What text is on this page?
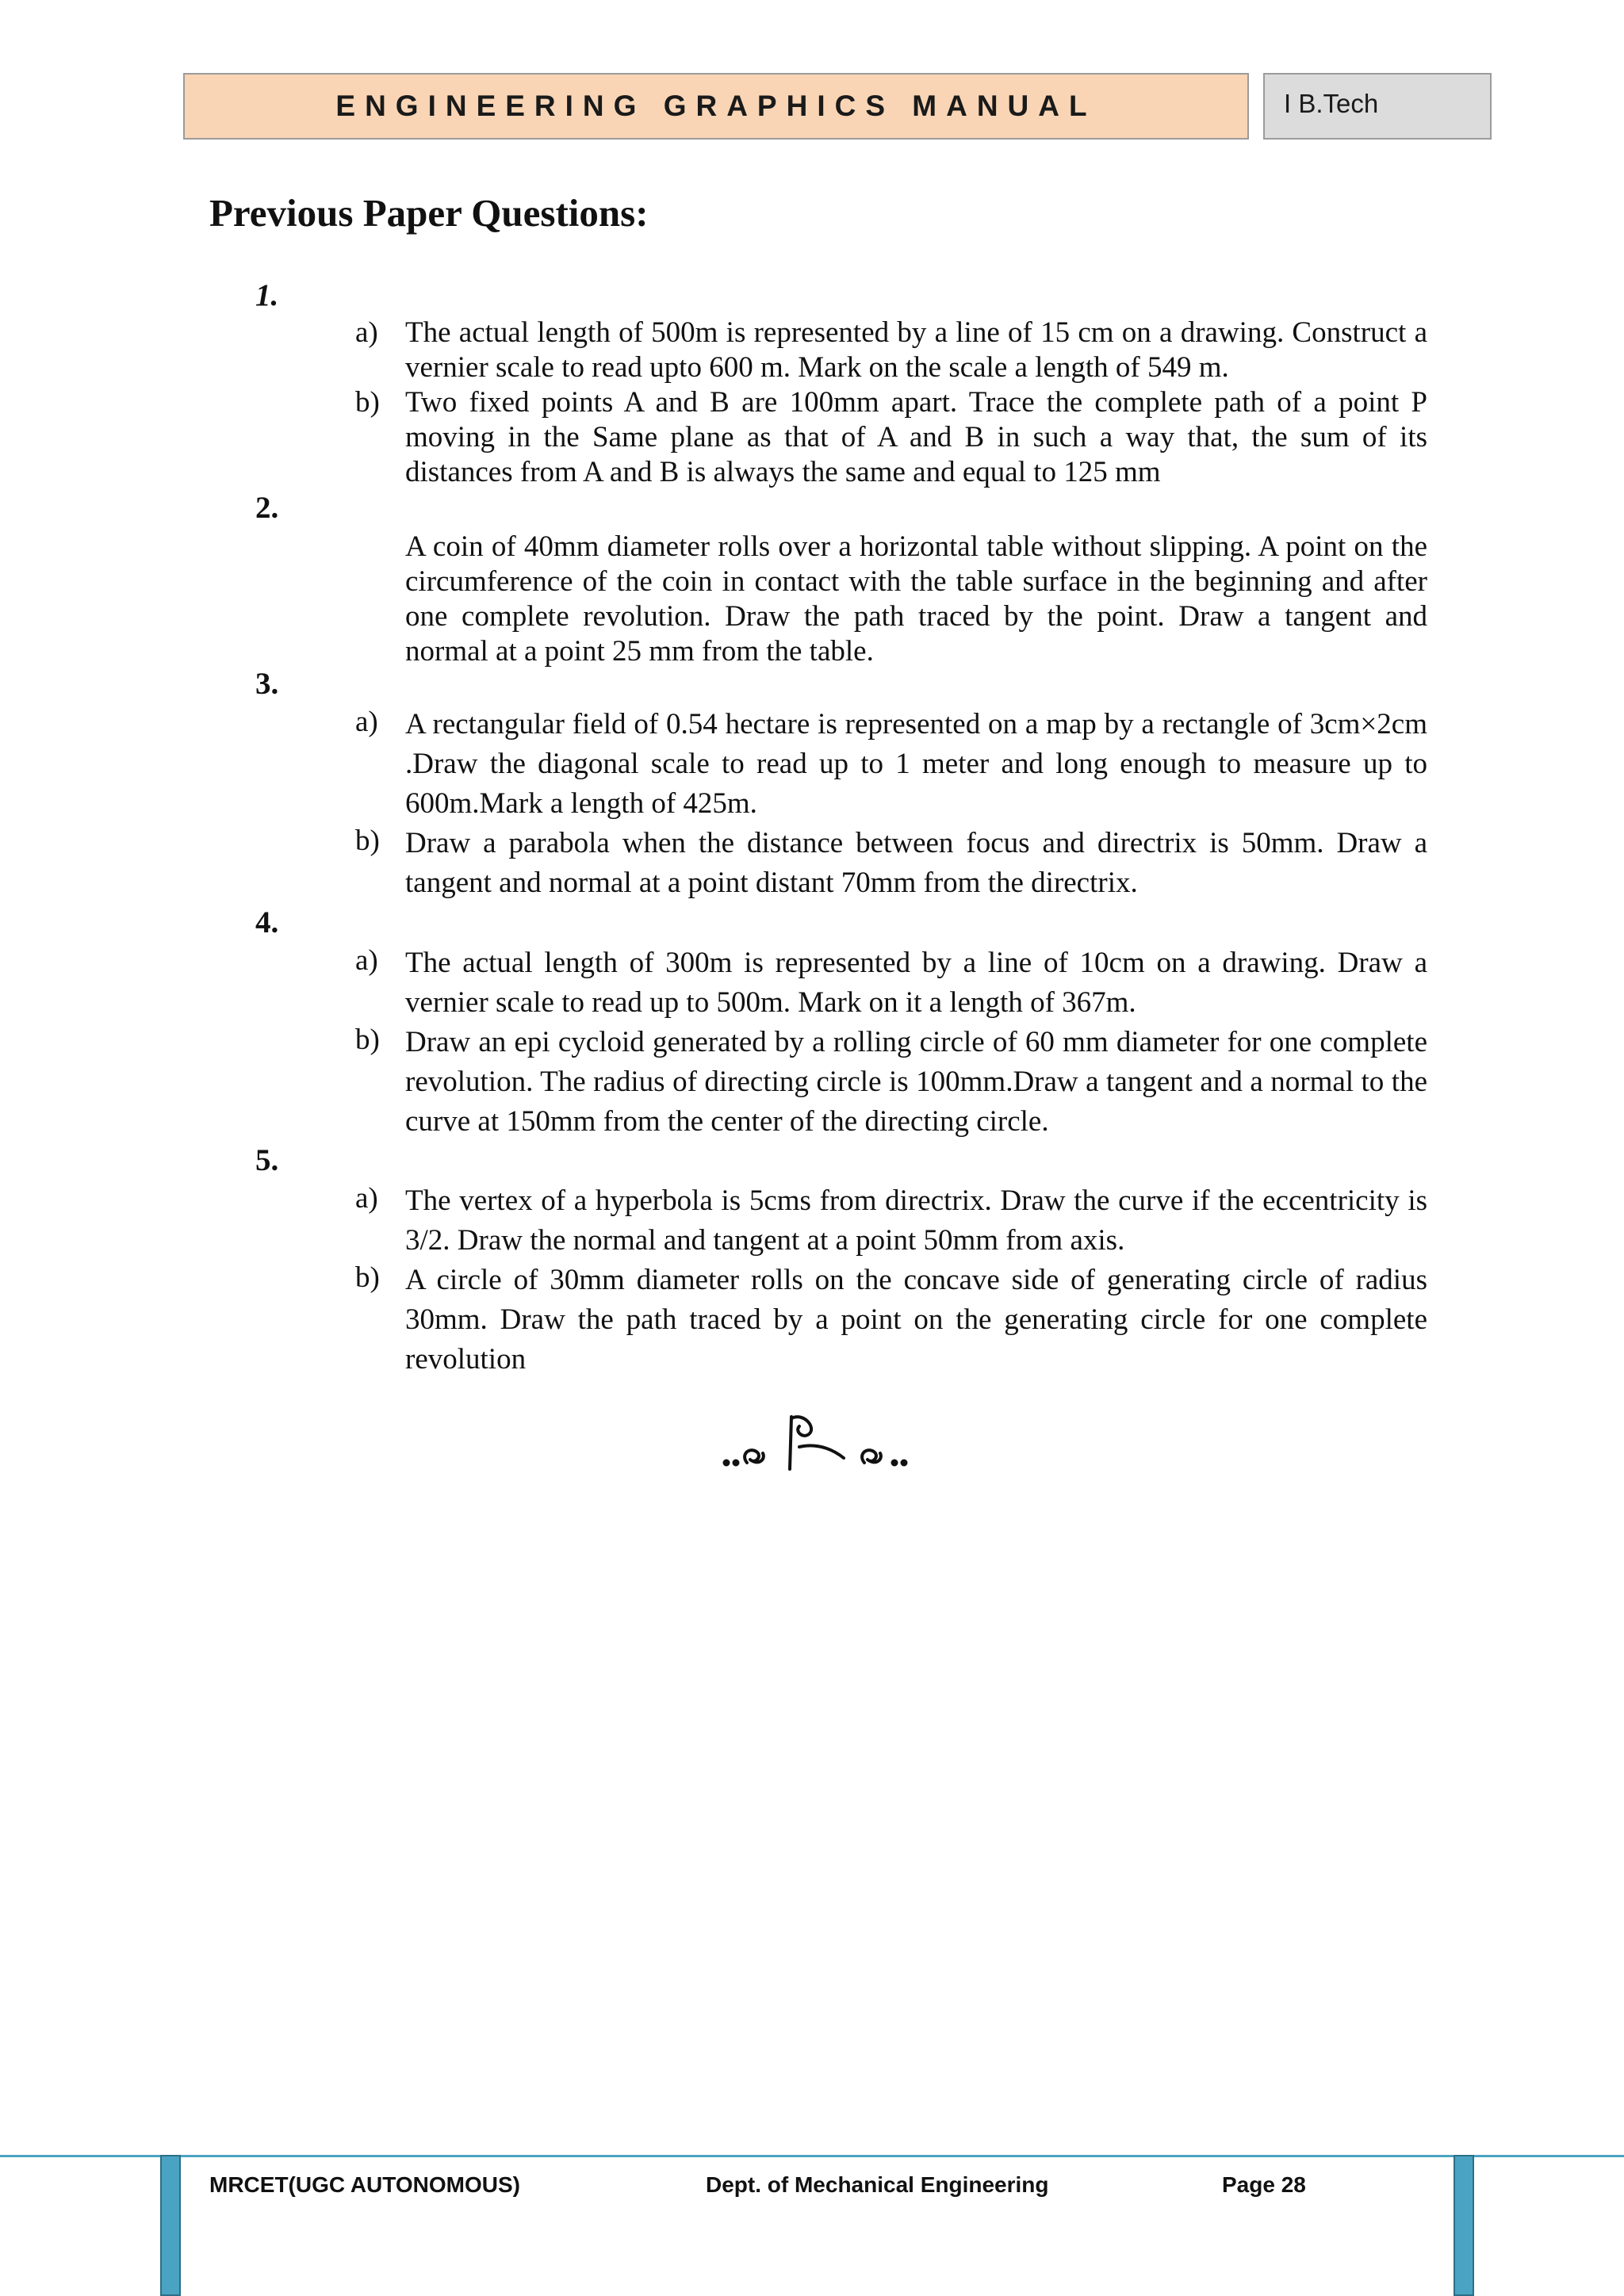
ENGINEERING GRAPHICS MANUAL	I B.Tech
Previous Paper Questions:
1.
a) The actual length of 500m is represented by a line of 15 cm on a drawing. Construct a vernier scale to read upto 600 m. Mark on the scale a length of 549 m.
b) Two fixed points A and B are 100mm apart. Trace the complete path of a point P moving in the Same plane as that of A and B in such a way that, the sum of its distances from A and B is always the same and equal to 125 mm
2.
A coin of 40mm diameter rolls over a horizontal table without slipping. A point on the circumference of the coin in contact with the table surface in the beginning and after one complete revolution. Draw the path traced by the point. Draw a tangent and normal at a point 25 mm from the table.
3.
a) A rectangular field of 0.54 hectare is represented on a map by a rectangle of 3cm×2cm .Draw the diagonal scale to read up to 1 meter and long enough to measure up to 600m.Mark a length of 425m.
b) Draw a parabola when the distance between focus and directrix is 50mm. Draw a tangent and normal at a point distant 70mm from the directrix.
4.
a) The actual length of 300m is represented by a line of 10cm on a drawing. Draw a vernier scale to read up to 500m. Mark on it a length of 367m.
b) Draw an epi cycloid generated by a rolling circle of 60 mm diameter for one complete revolution. The radius of directing circle is 100mm.Draw a tangent and a normal to the curve at 150mm from the center of the directing circle.
5.
a) The vertex of a hyperbola is 5cms from directrix. Draw the curve if the eccentricity is 3/2. Draw the normal and tangent at a point 50mm from axis.
b) A circle of 30mm diameter rolls on the concave side of generating circle of radius 30mm. Draw the path traced by a point on the generating circle for one complete revolution
MRCET(UGC AUTONOMOUS)	Dept. of Mechanical Engineering	Page 28
